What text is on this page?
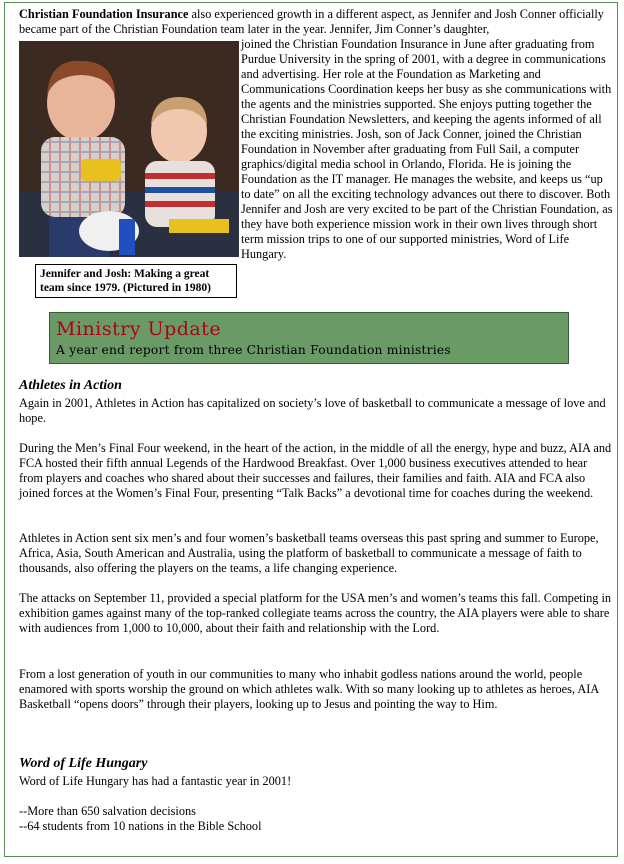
Christian Foundation Insurance also experienced growth in a different aspect, as Jennifer and Josh Conner officially became part of the Christian Foundation team later in the year. Jennifer, Jim Conner’s daughter,
joined the Christian Foundation Insurance in June after graduating from Purdue University in the spring of 2001, with a degree in communications and advertising. Her role at the Foundation as Marketing and Communications Coordination keeps her busy as she communications with the agents and the ministries supported. She enjoys putting together the Christian Foundation Newsletters, and keeping the agents informed of all the exciting ministries. Josh, son of Jack Conner, joined the Christian Foundation in November after graduating from Full Sail, a computer graphics/digital media school in Orlando, Florida. He is joining the Foundation as the IT manager. He manages the website, and keeps us “up to date” on all the exciting technology advances out there to discover. Both Jennifer and Josh are very excited to be part of the Christian Foundation, as they have both experience mission work in their own lives through short term mission trips to one of our supported ministries, Word of Life Hungary.
Jennifer and Josh: Making a great team since 1979. (Pictured in 1980)
Ministry Update
A year end report from three Christian Foundation ministries
Athletes in Action

Again in 2001, Athletes in Action has capitalized on society’s love of basketball to communicate a message of love and hope.

During the Men’s Final Four weekend, in the heart of the action, in the middle of all the energy, hype and buzz, AIA and FCA hosted their fifth annual Legends of the Hardwood Breakfast. Over 1,000 business executives attended to hear from players and coaches who shared about their successes and failures, their families and faith. AIA and FCA also joined forces at the Women’s Final Four, presenting “Talk Backs” a devotional time for coaches during the weekend.

Athletes in Action sent six men’s and four women’s basketball teams overseas this past spring and summer to Europe, Africa, Asia, South American and Australia, using the platform of basketball to communicate a message of faith to thousands, also offering the players on the teams, a life changing experience.

The attacks on September 11, provided a special platform for the USA men’s and women’s teams this fall. Competing in exhibition games against many of the top-ranked collegiate teams across the country, the AIA players were able to share with audiences from 1,000 to 10,000, about their faith and relationship with the Lord.

From a lost generation of youth in our communities to many who inhabit godless nations around the world, people enamored with sports worship the ground on which athletes walk. With so many looking up to athletes as heroes, AIA Basketball “opens doors” through their players, looking up to Jesus and pointing the way to Him.

Word of Life Hungary

Word of Life Hungary has had a fantastic year in 2001!

--More than 650 salvation decisions

--64 students from 10 nations in the Bible School
